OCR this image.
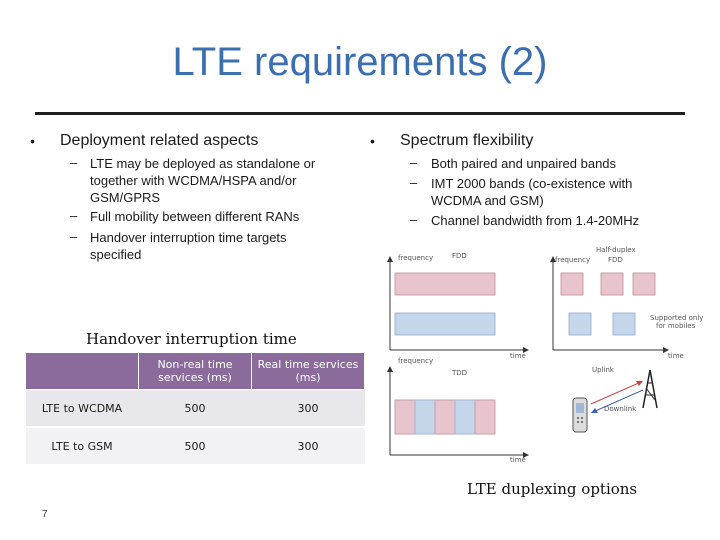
LTE requirements (2)
• Deployment related aspects
– LTE may be deployed as standalone or
together with WCDMA/HSPA and/or
GSM/GPRS
– Full mobility between different RANs
– Handover interruption time targets
specified
• Spectrum flexibility
– Both paired and unpaired bands
– IMT 2000 bands (co-existence with
WCDMA and GSM)
– Channel bandwidth from 1.4-20MHz
Handover interruption time
	Non-real time services (ms)	Real time services (ms)
LTE to WCDMA	500	300
LTE to GSM	500	300
frequency	FDD
time
frequency
Half-duplex
FDD
Supported only
for mobiles
time
frequency
TDD	Uplink
Downlink
time
LTE duplexing options
7
